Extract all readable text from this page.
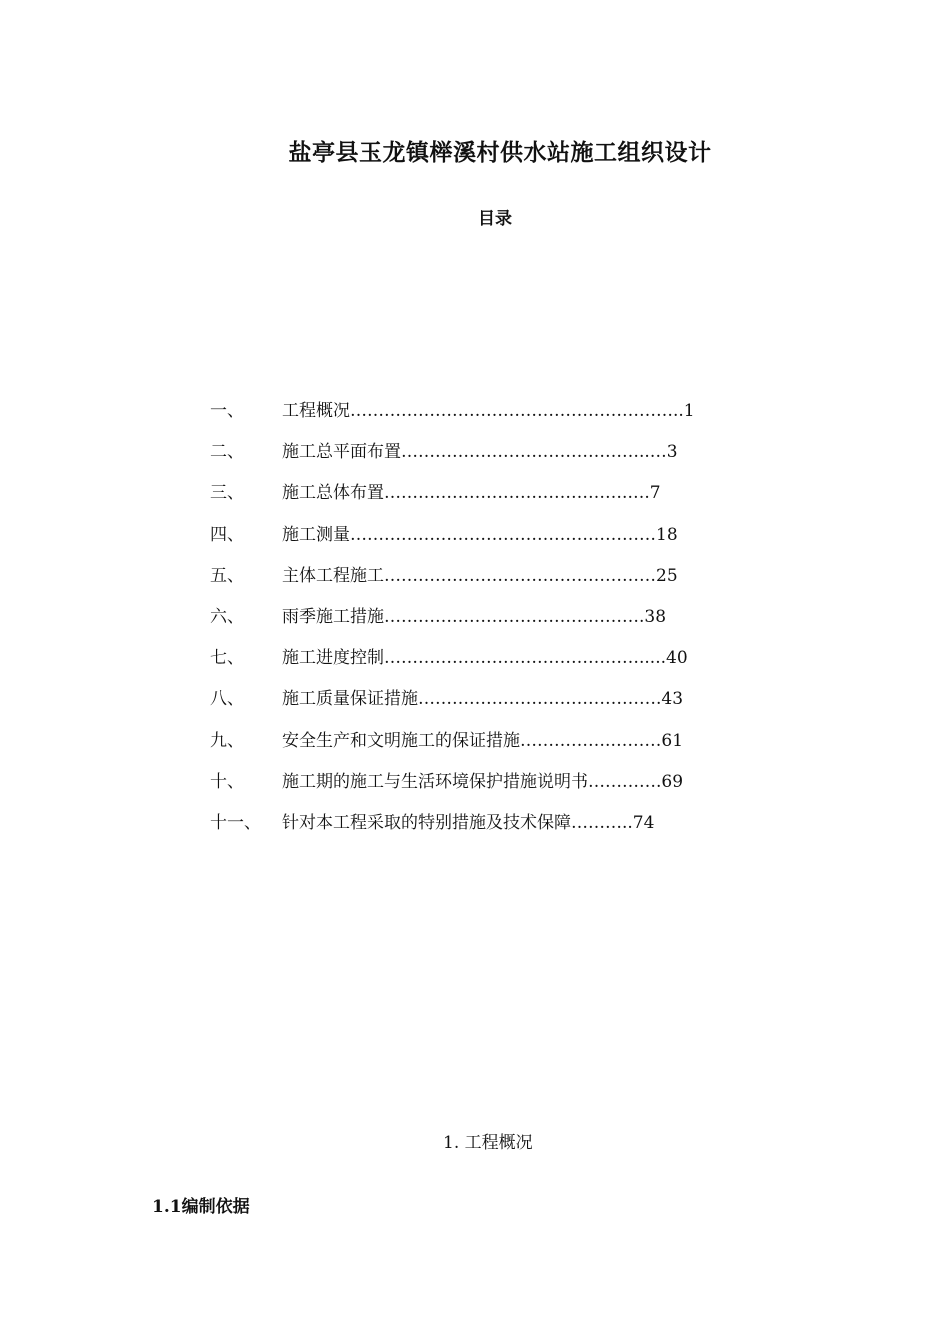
盐亭县玉龙镇榉溪村供水站施工组织设计
目录
一、 工程概况…………………………………………………..1
二、 施工总平面布置……………………………………..…3
三、 施工总体布置…………………………………….….7
四、 施工测量………………………………………………18
五、 主体工程施工…………………………………………25
六、 雨季施工措施……………………………………….38
七、 施工进度控制……………………………………….....40
八、 施工质量保证措施…………………………………….43
九、 安全生产和文明施工的保证措施…………….………61
十、 施工期的施工与生活环境保护措施说明书………….69
十一、 针对本工程采取的特别措施及技术保障………..74
1. 工程概况
1.1编制依据
